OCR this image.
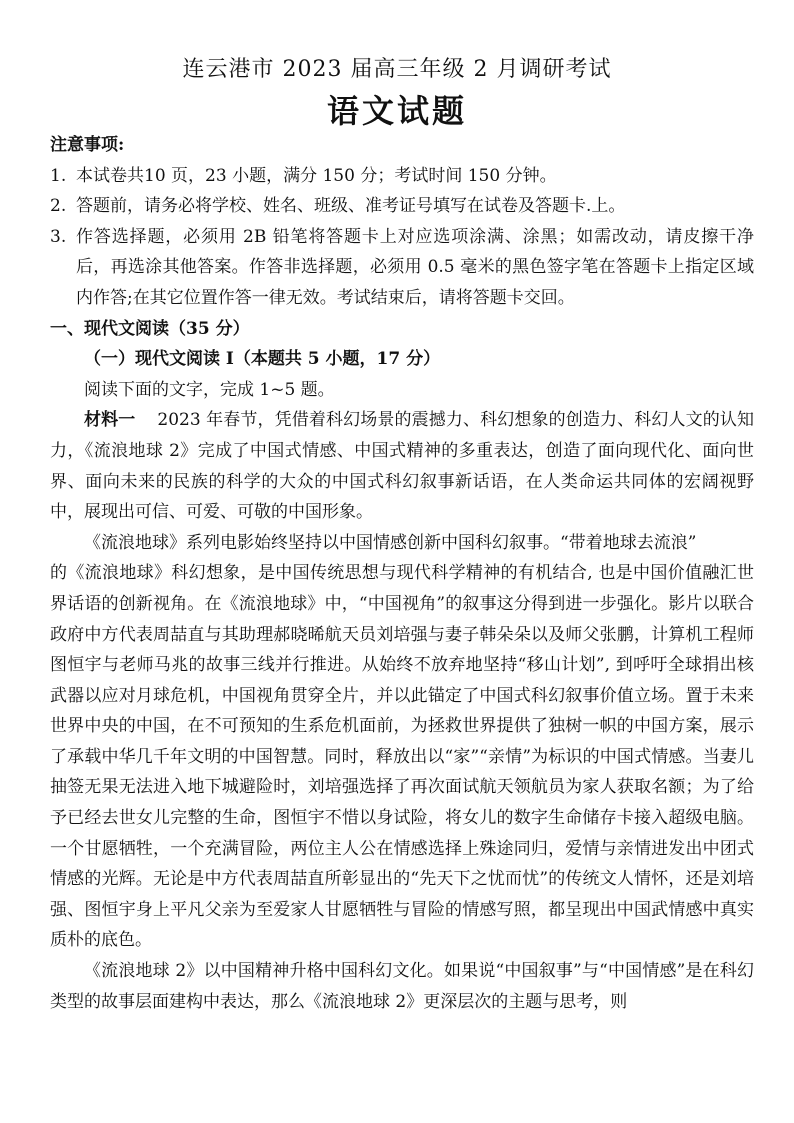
连云港市 2023 届高三年级 2 月调研考试
语文试题
注意事项:
1. 本试卷共10 页，23 小题，满分 150 分；考试时间 150 分钟。
2. 答题前，请务必将学校、姓名、班级、准考证号填写在试卷及答题卡.上。
3. 作答选择题，必须用 2B 铅笔将答题卡上对应选项涂满、涂黑；如需改动，请皮擦干净后，再选涂其他答案。作答非选择题，必须用 0.5 毫米的黑色签字笔在答题卡上指定区域内作答;在其它位置作答一律无效。考试结束后，请将答题卡交回。
一、现代文阅读（35 分）
（一）现代文阅读 I（本题共 5 小题，17 分）
阅读下面的文字，完成 1~5 题。
材料一 2023 年春节，凭借着科幻场景的震撼力、科幻想象的创造力、科幻人文的认知力，《流浪地球 2》完成了中国式情感、中国式精神的多重表达，创造了面向现代化、面向世界、面向未来的民族的科学的大众的中国式科幻叙事新话语，在人类命运共同体的宏阔视野中，展现出可信、可爱、可敬的中国形象。
《流浪地球》系列电影始终坚持以中国情感创新中国科幻叙事。“带着地球去流浪”
的《流浪地球》科幻想象，是中国传统思想与现代科学精神的有机结合, 也是中国价值融汇世界话语的创新视角。在《流浪地球》中，“中国视角”的叙事这分得到进一步强化。影片以联合政府中方代表周喆直与其助理郝晓晞航天员刘培强与妻子韩朵朵以及师父张鹏，计算机工程师图恒宇与老师马兆的故事三线并行推进。从始终不放弃地坚持“移山计划”, 到呼吁全球捐出核武器以应对月球危机，中国视角贯穿全片，并以此锚定了中国式科幻叙事价值立场。置于未来世界中央的中国，在不可预知的生系危机面前，为拯救世界提供了独树一帜的中国方案，展示了承载中华几千年文明的中国智慧。同时，释放出以“家”“亲情”为标识的中国式情感。当妻儿抽签无果无法进入地下城避险时，刘培强选择了再次面试航天领航员为家人获取名额；为了给予已经去世女儿完整的生命，图恒宇不惜以身试险，将女儿的数字生命储存卡接入超级电脑。一个甘愿牺牲，一个充满冒险，两位主人公在情感选择上殊途同归，爱情与亲情进发出中团式情感的光辉。无论是中方代表周喆直所彰显出的“先天下之忧而忧”的传统文人情怀，还是刘培强、图恒宇身上平凡父亲为至爱家人甘愿牺牲与冒险的情感写照，都呈现出中国武情感中真实质朴的底色。
《流浪地球 2》以中国精神升格中国科幻文化。如果说“中国叙事”与“中国情感”是在科幻类型的故事层面建构中表达，那么《流浪地球 2》更深层次的主题与思考，则
